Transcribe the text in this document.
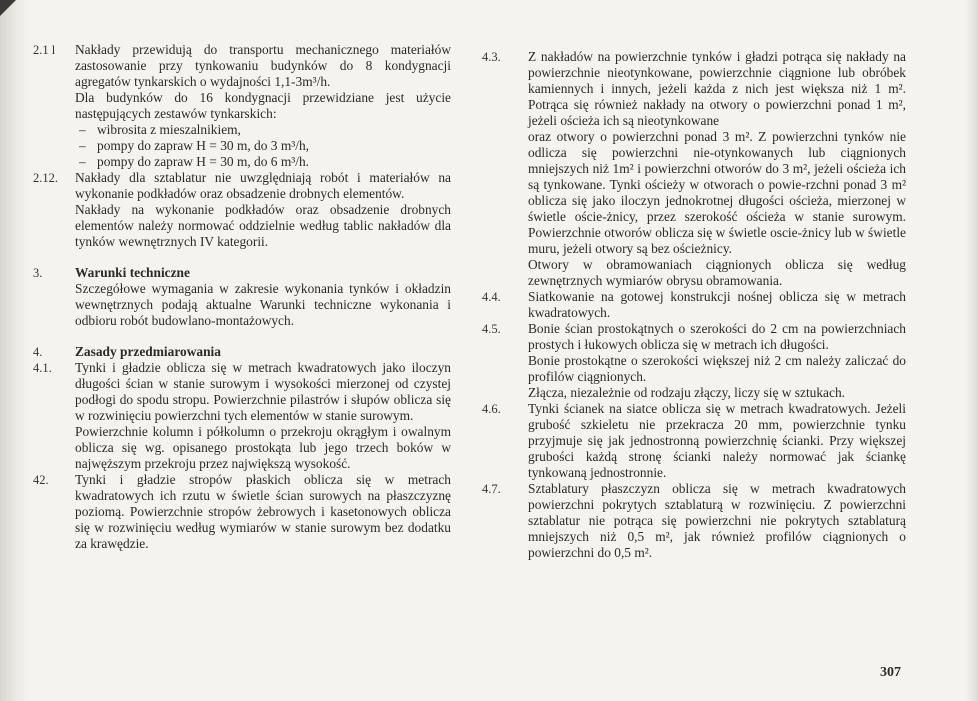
2.1 l	Nakłady przewidują do transportu mechanicznego materiałów zastosowanie przy tynkowaniu budynków do 8 kondygnacji agregatów tynkarskich o wydajności 1,1-3m³/h.

Dla budynków do 16 kondygnacji przewidziane jest użycie następujących zestawów tynkarskich:

– wibrosita z mieszalnikiem,
– pompy do zapraw H = 30 m, do 3 m³/h,
– pompy do zapraw H = 30 m, do 6 m³/h.
2.12.	Nakłady dla sztablatur nie uwzględniają robót i materiałów na wykonanie podkładów oraz obsadzenie drobnych elementów.

Nakłady na wykonanie podkładów oraz obsadzenie drobnych elementów należy normować oddzielnie według tablic nakładów dla tynków wewnętrznych IV kategorii.

3.	Warunki techniczne

Szczegółowe wymagania w zakresie wykonania tynków i okładzin wewnętrznych podają aktualne Warunki techniczne wykonania i odbioru robót budowlano-montażowych.

4.	Zasady przedmiarowania

4.1.	Tynki i gładzie oblicza się w metrach kwadratowych jako iloczyn długości ścian w stanie surowym i wysokości mierzonej od czystej podłogi do spodu stropu. Powierzchnie pilastrów i słupów oblicza się w rozwinięciu powierzchni tych elementów w stanie surowym.

Powierzchnie kolumn i półkolumn o przekroju okrągłym i owalnym oblicza się wg. opisanego prostokąta lub jego trzech boków w najwęższym przekroju przez największą wysokość.

42.	Tynki i gładzie stropów płaskich oblicza się w metrach kwadratowych ich rzutu w świetle ścian surowych na płaszczyznę poziomą. Powierzchnie stropów żebrowych i kasetonowych oblicza się w rozwinięciu według wymiarów w stanie surowym bez dodatku za krawędzie.

4.3.	Z nakładów na powierzchnie tynków i gładzi potrąca się nakłady na powierzchnie nieotynkowane, powierzchnie ciągnione lub obróbek kamiennych i innych, jeżeli każda z nich jest większa niż 1 m². Potrąca się również nakłady na otwory o powierzchni ponad 1 m², jeżeli ościeża ich są nieotynkowane

oraz otwory o powierzchni ponad 3 m². Z powierzchni tynków nie odlicza się powierzchni nie-otynkowanych lub ciągnionych mniejszych niż 1m² i powierzchni otworów do 3 m², jeżeli ościeża ich są tynkowane. Tynki ościeży w otworach o powie-rzchni ponad 3 m² oblicza się jako iloczyn jednokrotnej długości ościeża, mierzonej w świetle oście-żnicy, przez szerokość ościeża w stanie surowym. Powierzchnie otworów oblicza się w świetle oscie-żnicy lub w świetle muru, jeżeli otwory są bez ościeżnicy.

Otwory w obramowaniach ciągnionych oblicza się według zewnętrznych wymiarów obrysu obramowania.

4.4.	Siatkowanie na gotowej konstrukcji nośnej oblicza się w metrach kwadratowych.

4.5.	Bonie ścian prostokątnych o szerokości do 2 cm na powierzchniach prostych i łukowych oblicza się w metrach ich długości.

Bonie prostokątne o szerokości większej niż 2 cm należy zaliczać do profilów ciągnionych.

Złącza, niezależnie od rodzaju złączy, liczy się w sztukach.

4.6.	Tynki ścianek na siatce oblicza się w metrach kwadratowych. Jeżeli grubość szkieletu nie przekracza 20 mm, powierzchnie tynku przyjmuje się jak jednostronną powierzchnię ścianki. Przy większej grubości każdą stronę ścianki należy normować jak ściankę tynkowaną jednostronnie.

4.7.	Sztablatury płaszczyzn oblicza się w metrach kwadratowych powierzchni pokrytych sztablaturą w rozwinięciu. Z powierzchni sztablatur nie potrąca się powierzchni nie pokrytych sztablaturą mniejszych niż 0,5 m², jak również profilów ciągnionych o powierzchni do 0,5 m².

307
